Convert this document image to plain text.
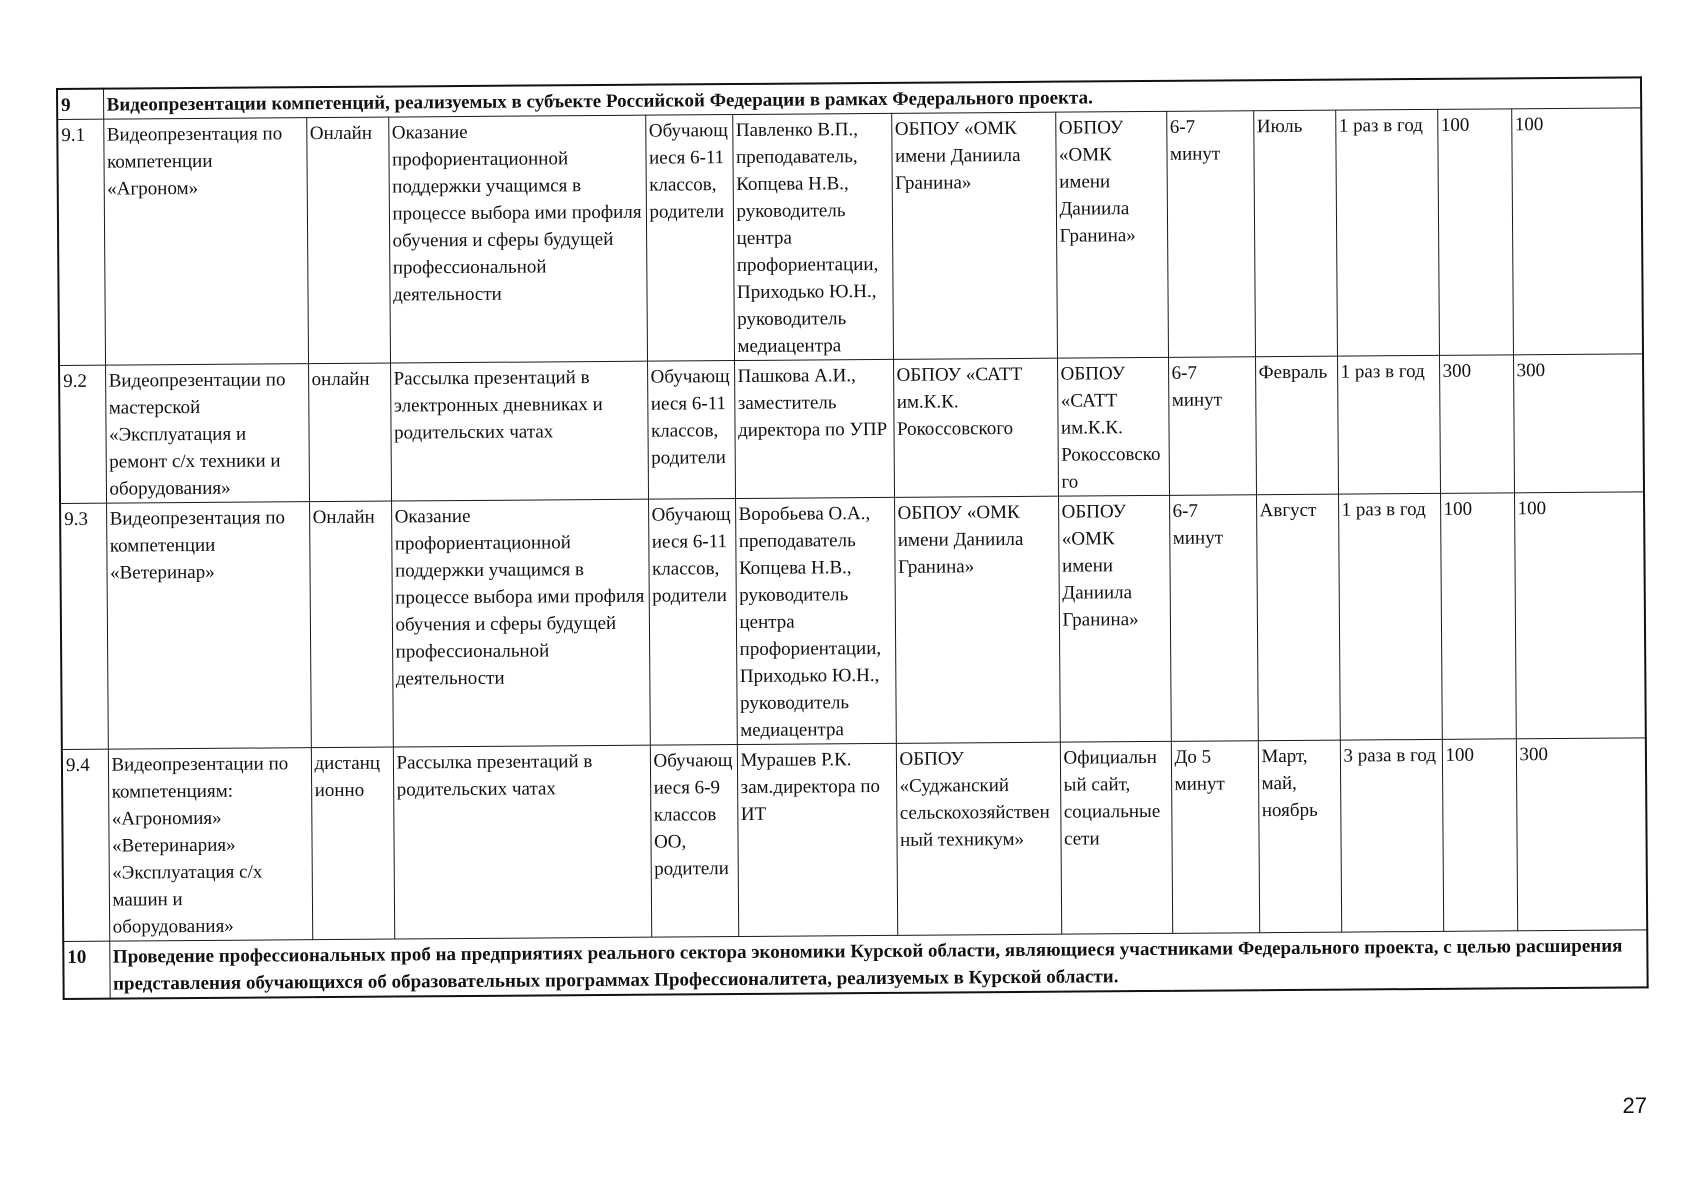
9	Видеопрезентации компетенций, реализуемых в субъекте Российской Федерации в рамках Федерального проекта.											
9.1	Видеопрезентация по компетенции «Агроном»	Онлайн	Оказание профориентационной поддержки учащимся в процессе выбора ими профиля обучения и сферы будущей профессиональной деятельности	Обучающиеся 6-11 классов, родители	Павленко В.П., преподаватель, Копцева Н.В., руководитель центра профориентации, Приходько Ю.Н., руководитель медиацентра	ОБПОУ «ОМК имени Даниила Гранина»	ОБПОУ «ОМК имени Даниила Гранина»	6-7 минут	Июль	1 раз в год	100	100
9.2	Видеопрезентации по мастерской «Эксплуатация и ремонт с/х техники и оборудования»	онлайн	Рассылка презентаций в электронных дневниках и родительских чатах	Обучающиеся 6-11 классов, родители	Пашкова А.И., заместитель директора по УПР	ОБПОУ «САТТ им.К.К. Рокоссовского	ОБПОУ «САТТ им.К.К. Рокоссовского	6-7 минут	Февраль	1 раз в год	300	300
9.3	Видеопрезентация по компетенции «Ветеринар»	Онлайн	Оказание профориентационной поддержки учащимся в процессе выбора ими профиля обучения и сферы будущей профессиональной деятельности	Обучающиеся 6-11 классов, родители	Воробьева О.А., преподаватель Копцева Н.В., руководитель центра профориентации, Приходько Ю.Н., руководитель медиацентра	ОБПОУ «ОМК имени Даниила Гранина»	ОБПОУ «ОМК имени Даниила Гранина»	6-7 минут	Август	1 раз в год	100	100
9.4	Видеопрезентации по компетенциям: «Агрономия» «Ветеринария» «Эксплуатация с/х машин и оборудования»	дистанционно	Рассылка презентаций в родительских чатах	Обучающиеся 6-9 классов ОО, родители	Мурашев Р.К. зам.директора по ИТ	ОБПОУ «Суджанский сельскохозяйственный техникум»	Официальный сайт, социальные сети	До 5 минут	Март, май, ноябрь	3 раза в год	100	300
10	Проведение профессиональных проб на предприятиях реального сектора экономики Курской области, являющиеся участниками Федерального проекта, с целью расширения представления обучающихся об образовательных программах Профессионалитета, реализуемых в Курской области.											
27
